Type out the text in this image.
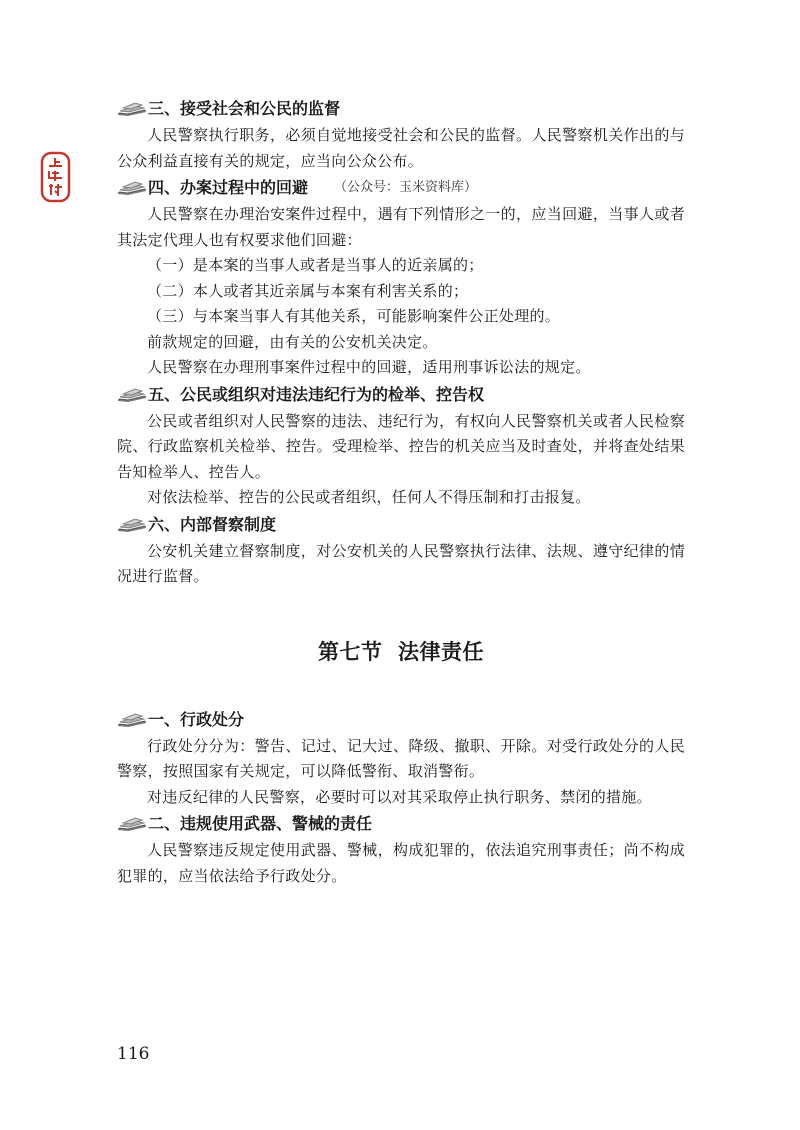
三、接受社会和公民的监督

人民警察执行职务，必须自觉地接受社会和公民的监督。人民警察机关作出的与公众利益直接有关的规定，应当向公众公布。

四、办案过程中的回避 （公众号：玉米资料库）

人民警察在办理治安案件过程中，遇有下列情形之一的，应当回避，当事人或者其法定代理人也有权要求他们回避：

（一）是本案的当事人或者是当事人的近亲属的；

（二）本人或者其近亲属与本案有利害关系的；

（三）与本案当事人有其他关系，可能影响案件公正处理的。

前款规定的回避，由有关的公安机关决定。

人民警察在办理刑事案件过程中的回避，适用刑事诉讼法的规定。

五、公民或组织对违法违纪行为的检举、控告权

公民或者组织对人民警察的违法、违纪行为，有权向人民警察机关或者人民检察院、行政监察机关检举、控告。受理检举、控告的机关应当及时查处，并将查处结果告知检举人、控告人。

对依法检举、控告的公民或者组织，任何人不得压制和打击报复。

六、内部督察制度

公安机关建立督察制度，对公安机关的人民警察执行法律、法规、遵守纪律的情况进行监督。

第七节  法律责任
一、行政处分

行政处分分为：警告、记过、记大过、降级、撤职、开除。对受行政处分的人民警察，按照国家有关规定，可以降低警衔、取消警衔。

对违反纪律的人民警察，必要时可以对其采取停止执行职务、禁闭的措施。

二、违规使用武器、警械的责任

人民警察违反规定使用武器、警械，构成犯罪的，依法追究刑事责任；尚不构成犯罪的，应当依法给予行政处分。

116
